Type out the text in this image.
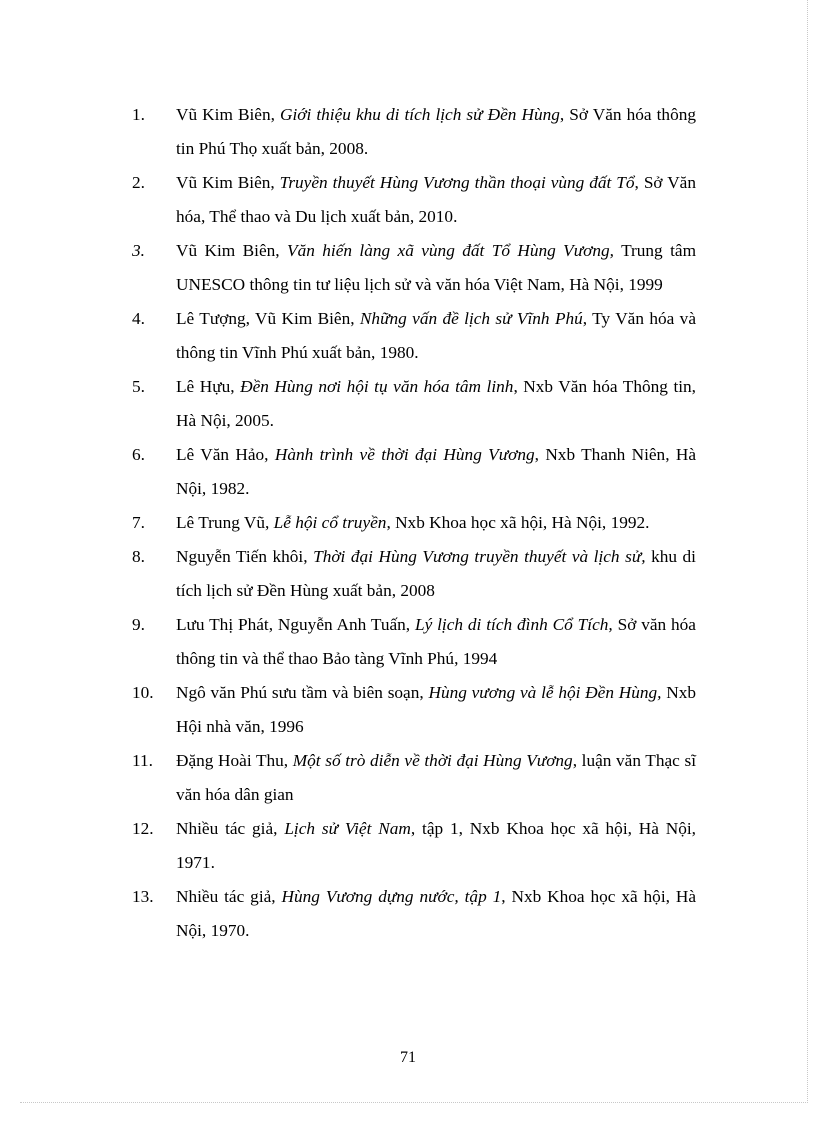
1.	Vũ Kim Biên, Giới thiệu khu di tích lịch sử Đền Hùng, Sở Văn hóa thông tin Phú Thọ xuất bản, 2008.
2.	Vũ Kim Biên, Truyền thuyết Hùng Vương thần thoại vùng đất Tổ, Sở Văn hóa, Thể thao và Du lịch xuất bản, 2010.
3.	Vũ Kim Biên, Văn hiến làng xã vùng đất Tổ Hùng Vương, Trung tâm UNESCO thông tin tư liệu lịch sử và văn hóa Việt Nam, Hà Nội, 1999
4.	Lê Tượng, Vũ Kim Biên, Những vấn đề lịch sử Vĩnh Phú, Ty Văn hóa và thông tin Vĩnh Phú xuất bản, 1980.
5.	Lê Hựu, Đền Hùng nơi hội tụ văn hóa tâm linh, Nxb Văn hóa Thông tin, Hà Nội, 2005.
6.	Lê Văn Hảo, Hành trình về thời đại Hùng Vương, Nxb Thanh Niên, Hà Nội, 1982.
7.	Lê Trung Vũ, Lễ hội cổ truyền, Nxb Khoa học xã hội, Hà Nội, 1992.
8.	Nguyễn Tiến khôi, Thời đại Hùng Vương truyền thuyết và lịch sử, khu di tích lịch sử Đền Hùng xuất bản, 2008
9.	Lưu Thị Phát, Nguyễn Anh Tuấn, Lý lịch di tích đình Cổ Tích, Sở văn hóa thông tin và thể thao Bảo tàng Vĩnh Phú, 1994
10.	Ngô văn Phú sưu tầm và biên soạn, Hùng vương và lễ hội Đền Hùng, Nxb Hội nhà văn, 1996
11.	Đặng Hoài Thu, Một số trò diễn về thời đại Hùng Vương, luận văn Thạc sĩ văn hóa dân gian
12.	Nhiều tác giả, Lịch sử Việt Nam, tập 1, Nxb Khoa học xã hội, Hà Nội, 1971.
13.	Nhiều tác giả, Hùng Vương dựng nước, tập 1, Nxb Khoa học xã hội, Hà Nội, 1970.
71
